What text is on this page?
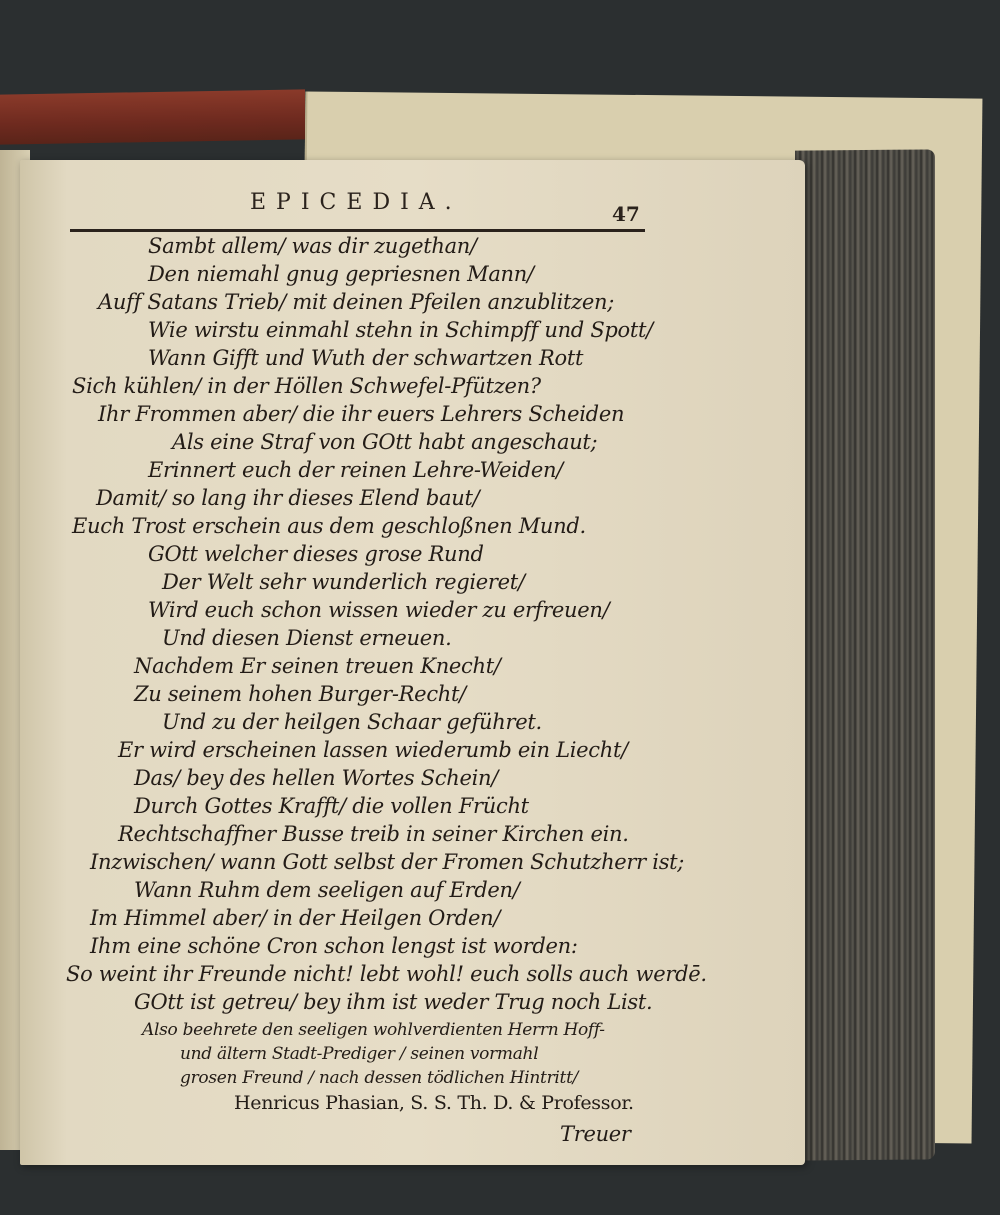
EPICEDIA.	47
Sambt allem/ was dir zugethan/
Den niemahl gnug gepriesnen Mann/
Auff Satans Trieb/ mit deinen Pfeilen anzublitzen;
Wie wirstu einmahl stehn in Schimpff und Spott/
Wann Gifft und Wuth der schwartzen Rott
Sich kühlen/ in der Höllen Schwefel-Pfützen?
Ihr Frommen aber/ die ihr euers Lehrers Scheiden
Als eine Straf von GOtt habt angeschaut;
Erinnert euch der reinen Lehre-Weiden/
Damit/ so lang ihr dieses Elend baut/
Euch Trost erschein aus dem geschloßnen Mund.
GOtt welcher dieses grose Rund
Der Welt sehr wunderlich regieret/
Wird euch schon wissen wieder zu erfreuen/
Und diesen Dienst erneuen.
Nachdem Er seinen treuen Knecht/
Zu seinem hohen Burger-Recht/
Und zu der heilgen Schaar geführet.
Er wird erscheinen lassen wiederumb ein Liecht/
Das/ bey des hellen Wortes Schein/
Durch Gottes Krafft/ die vollen Frücht
Rechtschaffner Busse treib in seiner Kirchen ein.
Inzwischen/ wann Gott selbst der Fromen Schutzherr ist;
Wann Ruhm dem seeligen auf Erden/
Im Himmel aber/ in der Heilgen Orden/
Ihm eine schöne Cron schon lengst ist worden:
So weint ihr Freunde nicht! lebt wohl! euch solls auch werdē.
GOtt ist getreu/ bey ihm ist weder Trug noch List.
Also beehrete den seeligen wohlverdienten Herrn Hoff-
und ältern Stadt-Prediger / seinen vormahl
grosen Freund / nach dessen tödlichen Hintritt/
Henricus Phasian, S. S. Th. D. & Professor.
Treuer
